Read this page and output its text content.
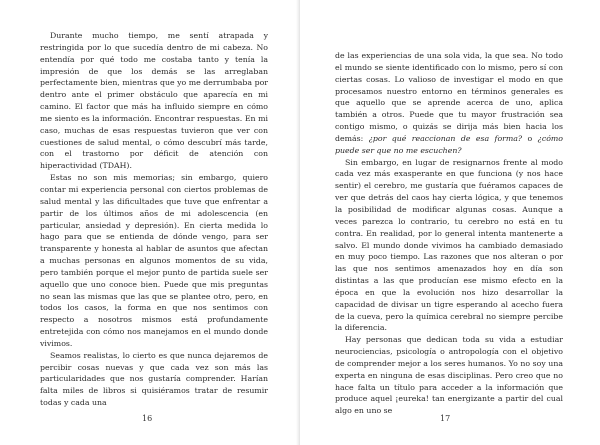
Durante mucho tiempo, me sentí atrapada y restringida por lo que sucedía dentro de mi cabeza. No entendía por qué todo me costaba tanto y tenía la impresión de que los demás se las arreglaban perfectamente bien, mientras que yo me derrumbaba por dentro ante el primer obstáculo que aparecía en mi camino. El factor que más ha influido siempre en cómo me siento es la información. Encontrar respuestas. En mi caso, muchas de esas respuestas tuvieron que ver con cuestiones de salud mental, o cómo descubrí más tarde, con el trastorno por déficit de atención con hiperactividad (TDAH).

Estas no son mis memorias; sin embargo, quiero contar mi experiencia personal con ciertos problemas de salud mental y las dificultades que tuve que enfrentar a partir de los últimos años de mi adolescencia (en particular, ansiedad y depresión). En cierta medida lo hago para que se entienda de dónde vengo, para ser transparente y honesta al hablar de asuntos que afectan a muchas personas en algunos momentos de su vida, pero también porque el mejor punto de partida suele ser aquello que uno conoce bien. Puede que mis preguntas no sean las mismas que las que se plantee otro, pero, en todos los casos, la forma en que nos sentimos con respecto a nosotros mismos está profundamente entretejida con cómo nos manejamos en el mundo donde vivimos.

Seamos realistas, lo cierto es que nunca dejaremos de percibir cosas nuevas y que cada vez son más las particularidades que nos gustaría comprender. Harían falta miles de libros si quisiéramos tratar de resumir todas y cada una

16

de las experiencias de una sola vida, la que sea. No todo el mundo se siente identificado con lo mismo, pero sí con ciertas cosas. Lo valioso de investigar el modo en que procesamos nuestro entorno en términos generales es que aquello que se aprende acerca de uno, aplica también a otros. Puede que tu mayor frustración sea contigo mismo, o quizás se dirija más bien hacia los demás: ¿por qué reaccionan de esa forma? o ¿cómo puede ser que no me escuchen?

Sin embargo, en lugar de resignarnos frente al modo cada vez más exasperante en que funciona (y nos hace sentir) el cerebro, me gustaría que fuéramos capaces de ver que detrás del caos hay cierta lógica, y que tenemos la posibilidad de modificar algunas cosas. Aunque a veces parezca lo contrario, tu cerebro no está en tu contra. En realidad, por lo general intenta mantenerte a salvo. El mundo donde vivimos ha cambiado demasiado en muy poco tiempo. Las razones que nos alteran o por las que nos sentimos amenazados hoy en día son distintas a las que producían ese mismo efecto en la época en que la evolución nos hizo desarrollar la capacidad de divisar un tigre esperando al acecho fuera de la cueva, pero la química cerebral no siempre percibe la diferencia.

Hay personas que dedican toda su vida a estudiar neurociencias, psicología o antropología con el objetivo de comprender mejor a los seres humanos. Yo no soy una experta en ninguna de esas disciplinas. Pero creo que no hace falta un título para acceder a la información que produce aquel ¡eureka! tan energizante a partir del cual algo en uno se

17
